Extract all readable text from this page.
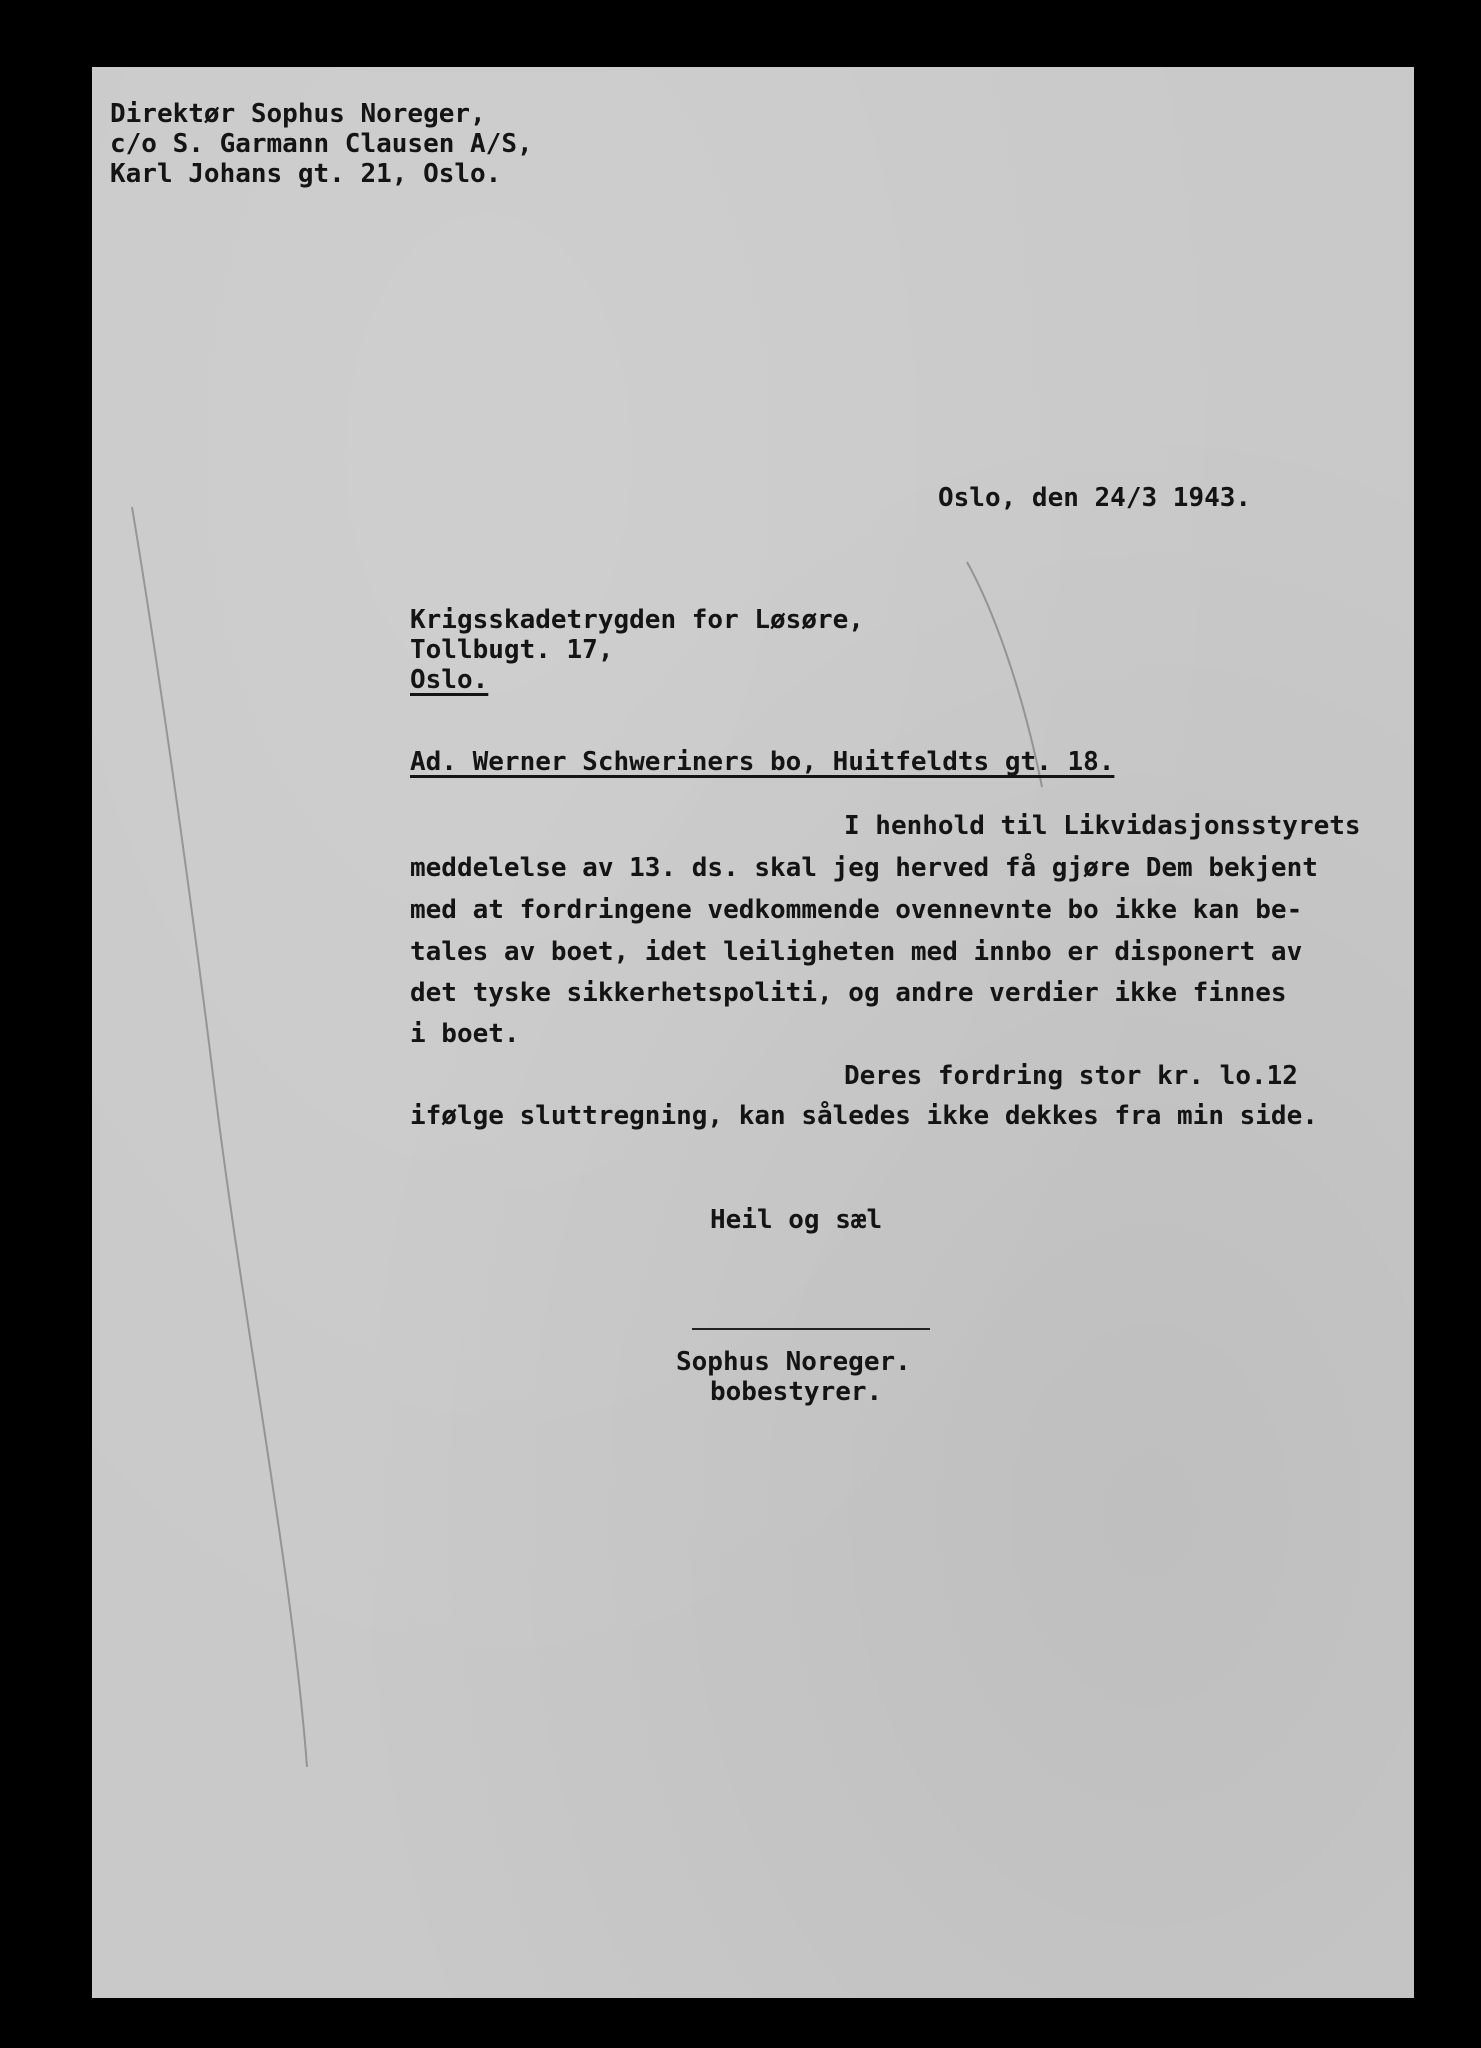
Direktør Sophus Noreger,
c/o S. Garmann Clausen A/S,
Karl Johans gt. 21, Oslo.
Oslo, den 24/3 1943.
Krigsskadetrygden for Løsøre,
Tollbugt. 17,
Oslo.
Ad. Werner Schweriners bo, Huitfeldts gt. 18.
I henhold til Likvidasjonsstyrets
meddelelse av 13. ds. skal jeg herved få gjøre Dem bekjent
med at fordringene vedkommende ovennevnte bo ikke kan be-
tales av boet, idet leiligheten med innbo er disponert av
det tyske sikkerhetspoliti, og andre verdier ikke finnes
i boet.
Deres fordring stor kr. lo.12
ifølge sluttregning, kan således ikke dekkes fra min side.
Heil og sæl
Sophus Noreger.
bobestyrer.
